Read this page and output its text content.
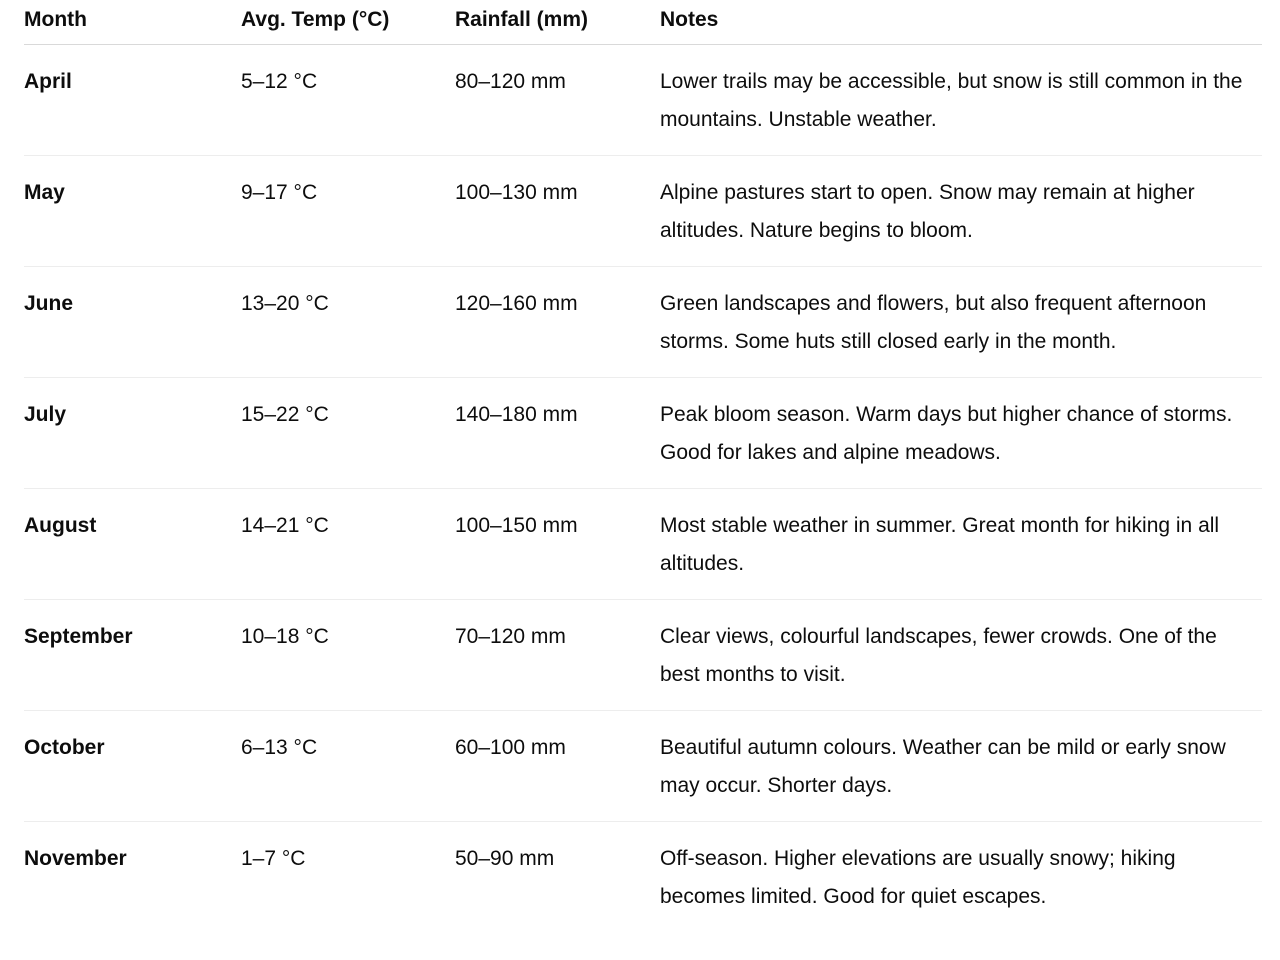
Month	Avg. Temp (°C)	Rainfall (mm)	Notes
April	5–12 °C	80–120 mm	Lower trails may be accessible, but snow is still common in the mountains. Unstable weather.
May	9–17 °C	100–130 mm	Alpine pastures start to open. Snow may remain at higher altitudes. Nature begins to bloom.
June	13–20 °C	120–160 mm	Green landscapes and flowers, but also frequent afternoon storms. Some huts still closed early in the month.
July	15–22 °C	140–180 mm	Peak bloom season. Warm days but higher chance of storms. Good for lakes and alpine meadows.
August	14–21 °C	100–150 mm	Most stable weather in summer. Great month for hiking in all altitudes.
September	10–18 °C	70–120 mm	Clear views, colourful landscapes, fewer crowds. One of the best months to visit.
October	6–13 °C	60–100 mm	Beautiful autumn colours. Weather can be mild or early snow may occur. Shorter days.
November	1–7 °C	50–90 mm	Off-season. Higher elevations are usually snowy; hiking becomes limited. Good for quiet escapes.
